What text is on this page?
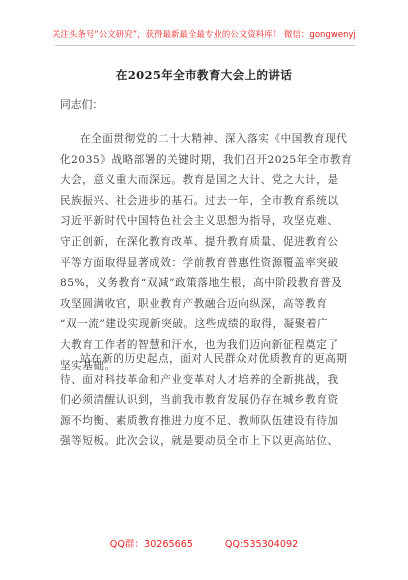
关注头条号“公文研究”，获得最新最全最专业的公文资料库！ 微信：gongwenyj
在2025年全市教育大会上的讲话
同志们：
在全面贯彻党的二十大精神、深入落实《中国教育现代
化2035》战略部署的关键时期，我们召开2025年全市教育
大会，意义重大而深远。教育是国之大计、党之大计，是
民族振兴、社会进步的基石。过去一年，全市教育系统以
习近平新时代中国特色社会主义思想为指导，攻坚克难、
守正创新，在深化教育改革、提升教育质量、促进教育公
平等方面取得显著成效：学前教育普惠性资源覆盖率突破
85%，义务教育“双减”政策落地生根，高中阶段教育普及
攻坚圆满收官，职业教育产教融合迈向纵深，高等教育
“双一流”建设实现新突破。这些成绩的取得，凝聚着广
大教育工作者的智慧和汗水，也为我们迈向新征程奠定了
坚实基础。
站在新的历史起点，面对人民群众对优质教育的更高期
待、面对科技革命和产业变革对人才培养的全新挑战，我
们必须清醒认识到，当前我市教育发展仍存在城乡教育资
源不均衡、素质教育推进力度不足、教师队伍建设有待加
强等短板。此次会议，就是要动员全市上下以更高站位、
QQ群：30265665	QQ:535304092
